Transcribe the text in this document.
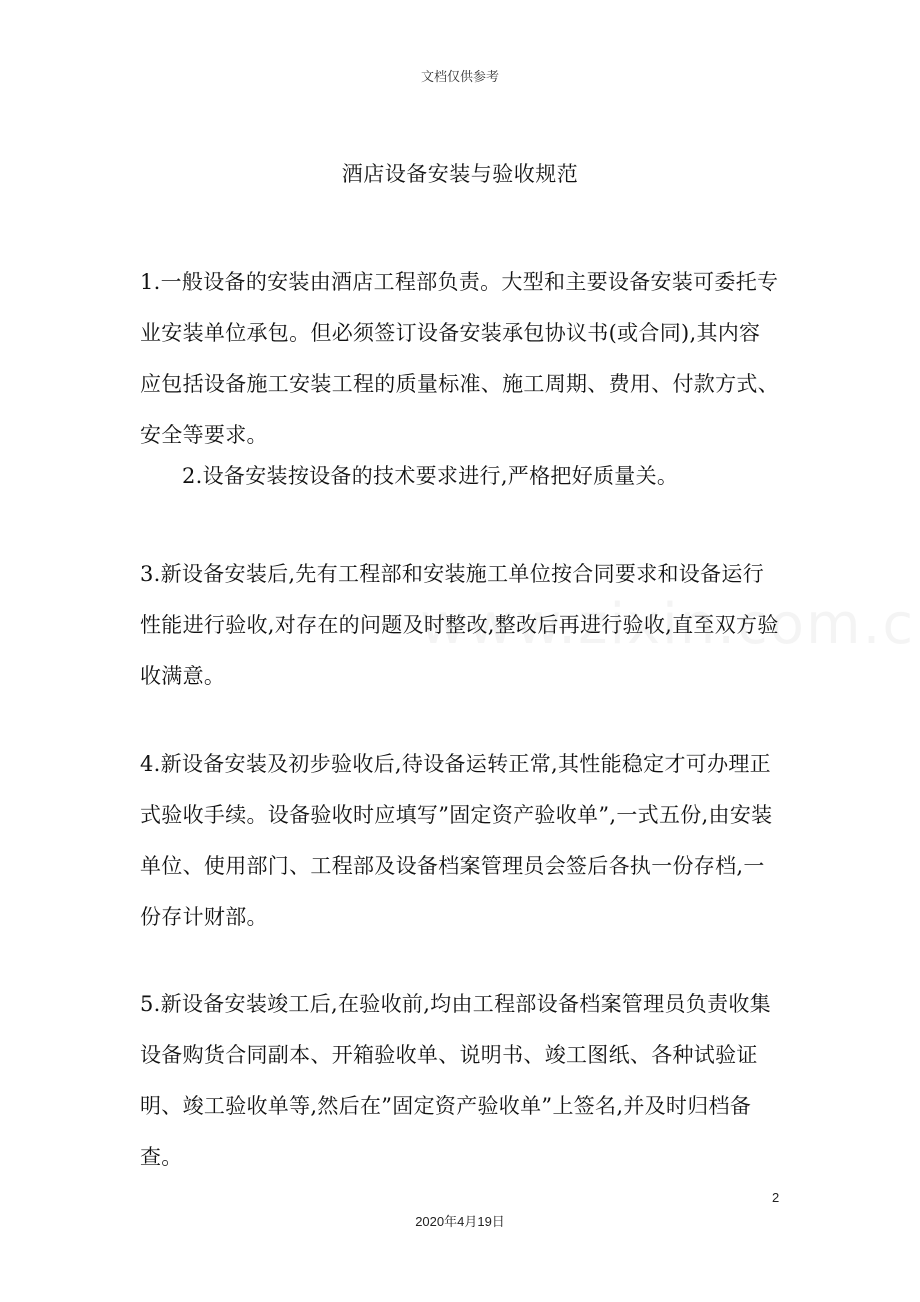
文档仅供参考
酒店设备安装与验收规范

1.一般设备的安装由酒店工程部负责。大型和主要设备安装可委托专业安装单位承包。但必须签订设备安装承包协议书(或合同),其内容应包括设备施工安装工程的质量标准、施工周期、费用、付款方式、安全等要求。

2.设备安装按设备的技术要求进行,严格把好质量关。

3.新设备安装后,先有工程部和安装施工单位按合同要求和设备运行性能进行验收,对存在的问题及时整改,整改后再进行验收,直至双方验收满意。

4.新设备安装及初步验收后,待设备运转正常,其性能稳定才可办理正式验收手续。设备验收时应填写”固定资产验收单”,一式五份,由安装单位、使用部门、工程部及设备档案管理员会签后各执一份存档,一份存计财部。

5.新设备安装竣工后,在验收前,均由工程部设备档案管理员负责收集设备购货合同副本、开箱验收单、说明书、竣工图纸、各种试验证明、竣工验收单等,然后在”固定资产验收单”上签名,并及时归档备查。

2
2020年4月19日
